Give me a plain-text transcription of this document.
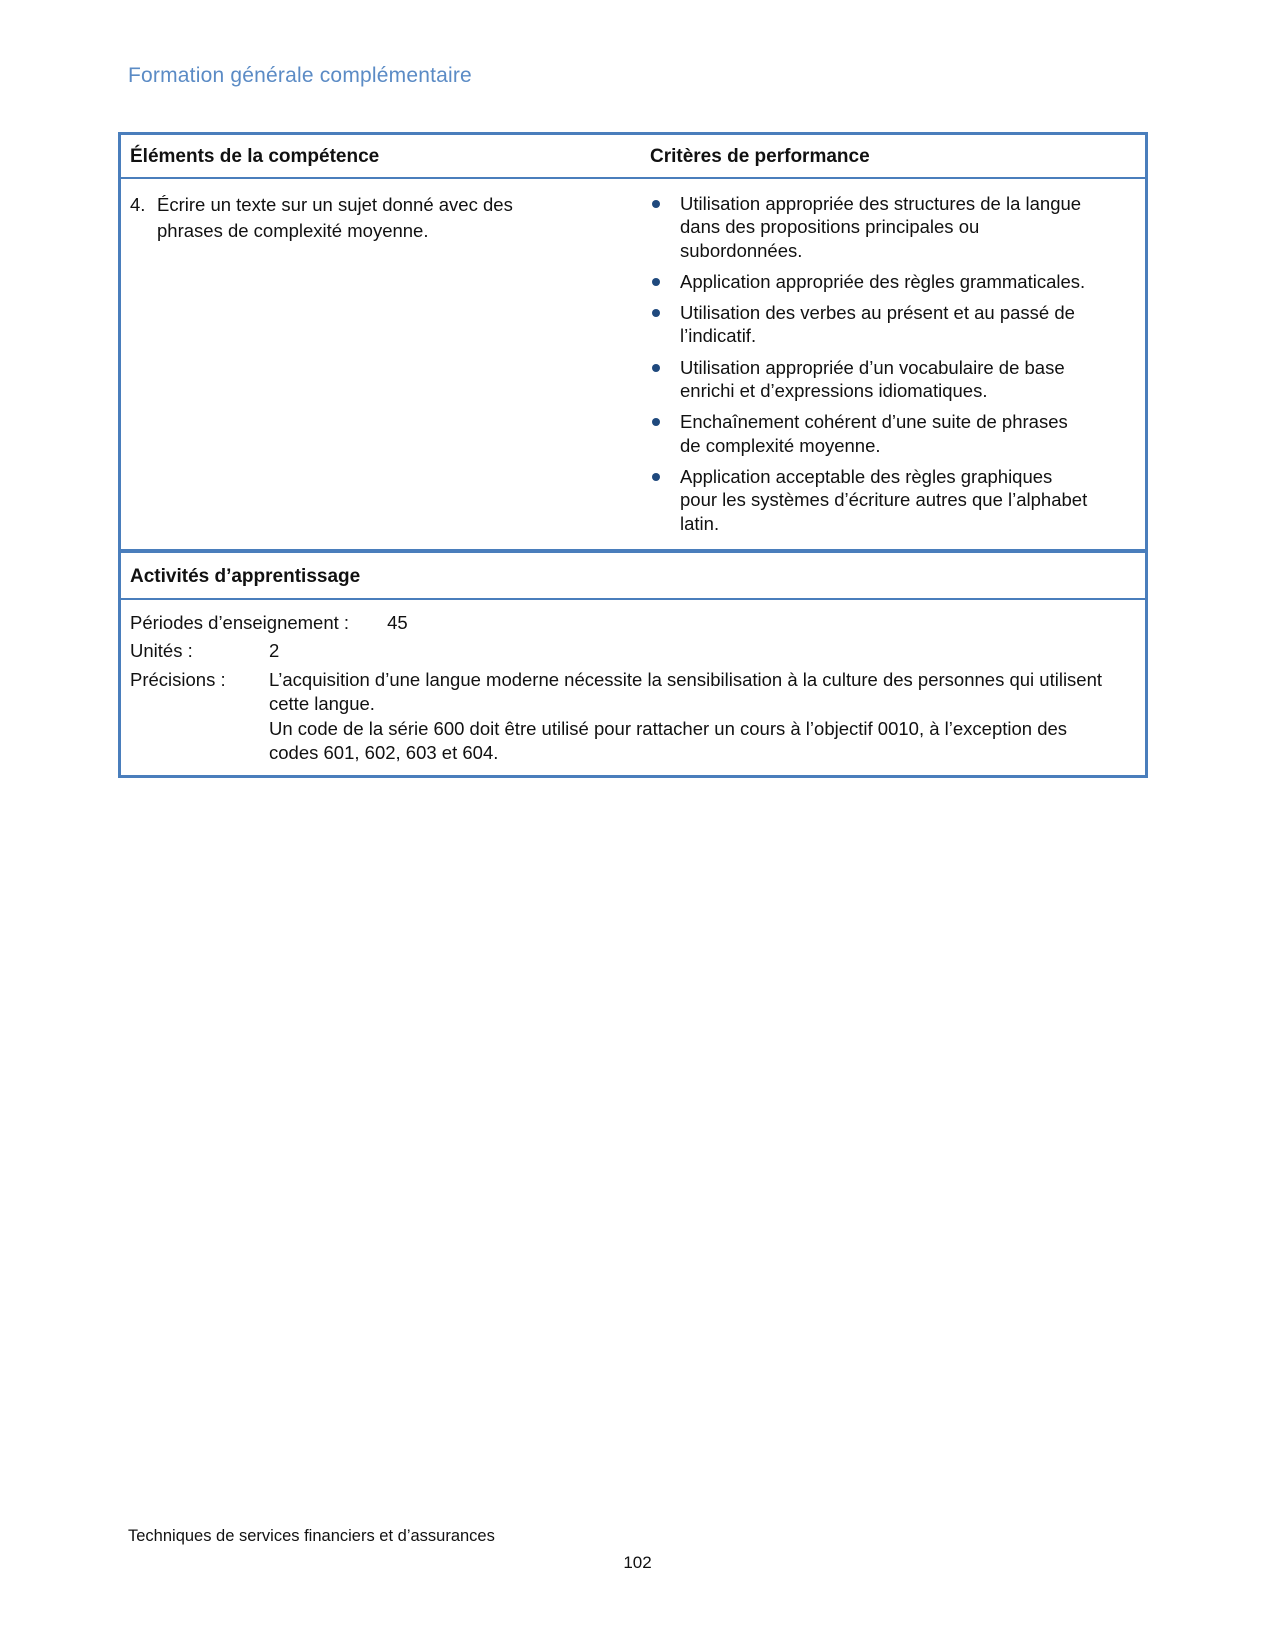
Formation générale complémentaire
Éléments de la compétence	Critères de performance
4. Écrire un texte sur un sujet donné avec des phrases de complexité moyenne.
Utilisation appropriée des structures de la langue dans des propositions principales ou subordonnées.
Application appropriée des règles grammaticales.
Utilisation des verbes au présent et au passé de l’indicatif.
Utilisation appropriée d’un vocabulaire de base enrichi et d’expressions idiomatiques.
Enchaînement cohérent d’une suite de phrases de complexité moyenne.
Application acceptable des règles graphiques pour les systèmes d’écriture autres que l’alphabet latin.
Activités d’apprentissage
Périodes d’enseignement : 45
Unités :	2
Précisions :	L’acquisition d’une langue moderne nécessite la sensibilisation à la culture des personnes qui utilisent cette langue.
Un code de la série 600 doit être utilisé pour rattacher un cours à l’objectif 0010, à l’exception des codes 601, 602, 603 et 604.
Techniques de services financiers et d’assurances
102
